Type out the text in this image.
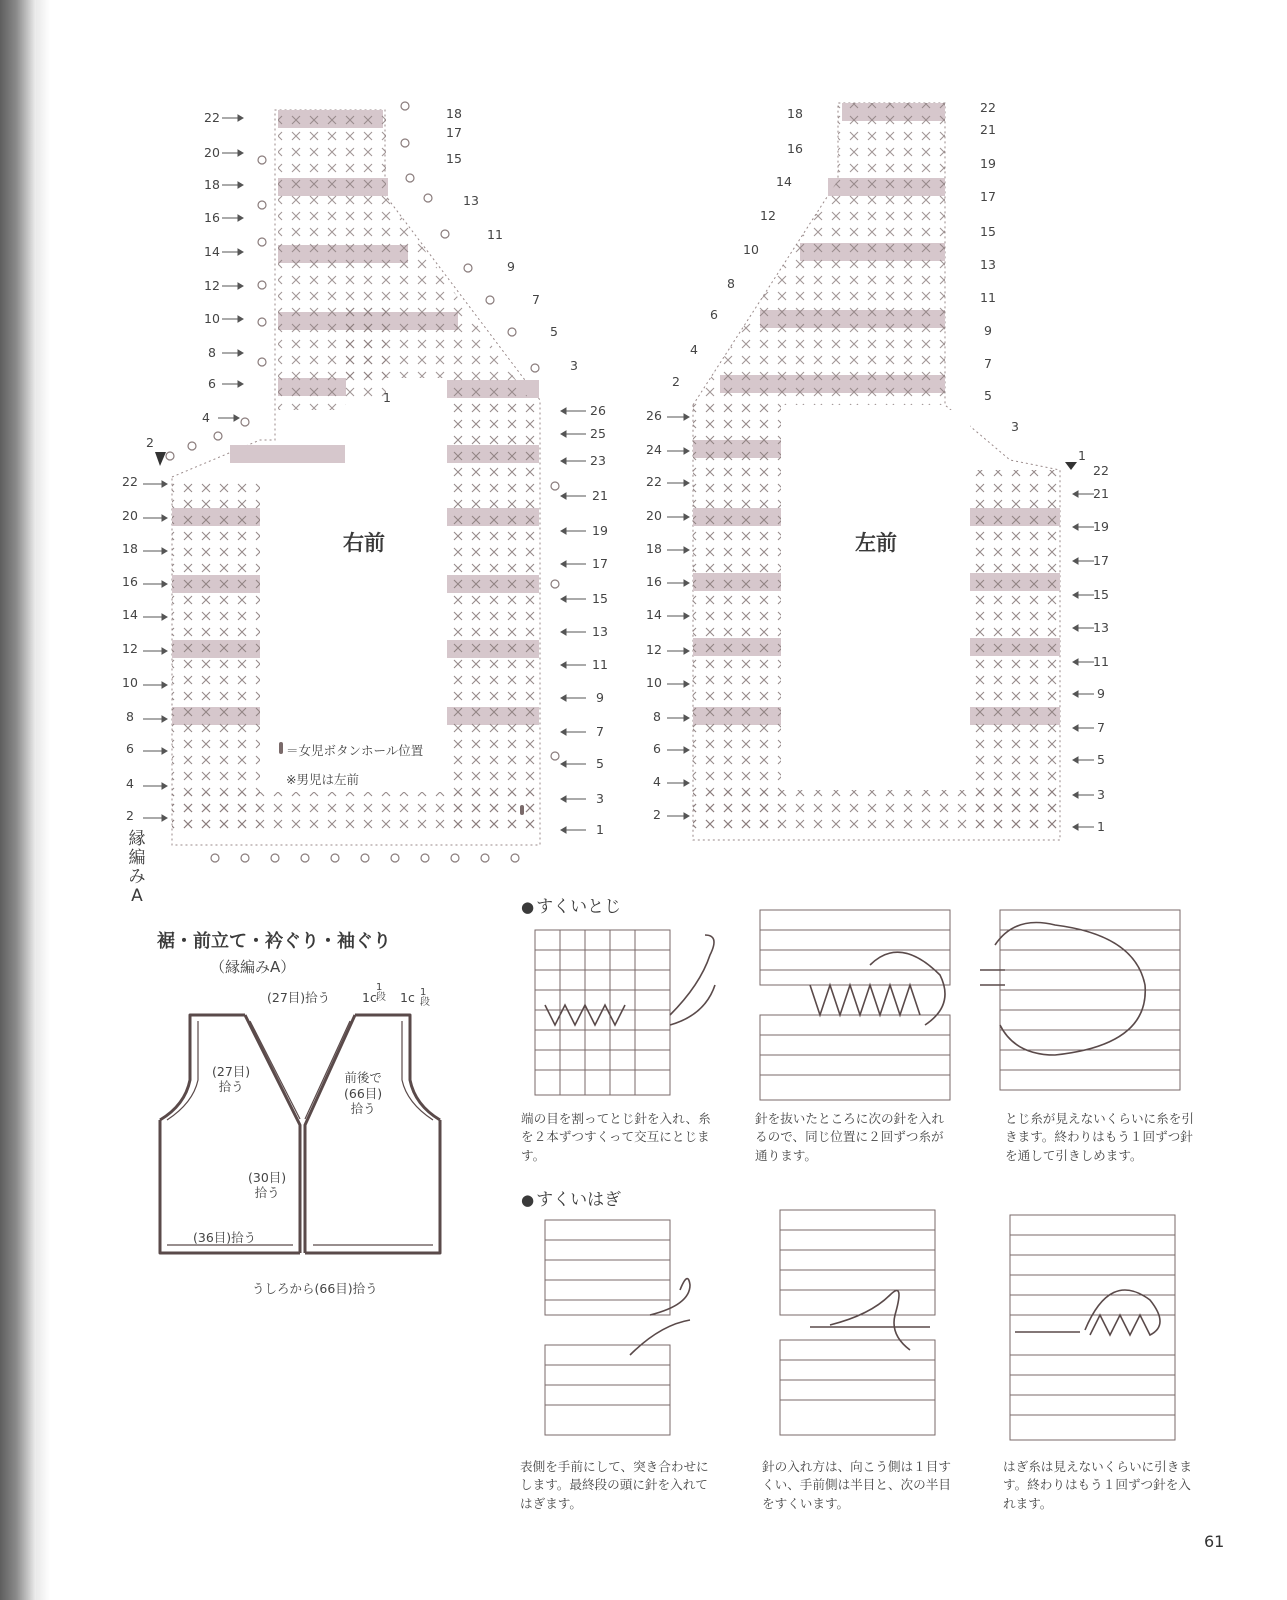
右前
＝女児ボタンホール位置
※男児は左前
縁編みA
22
20
18
16
14
12
10
8
6
4
2
21
19
17
15
13
11
9
7
5
3
1
26
25
23
22
20
18
16
14
12
10
8
6
4
2
1
18
17
15
13
11
9
7
5
3
左前
26
24
22
20
18
16
14
12
10
8
6
4
2
22
21
19
17
15
13
11
9
7
5
3
1
1
18
16
14
12
10
8
6
4
2
22
21
19
17
15
13
11
9
7
5
3
裾・前立て・衿ぐり・袖ぐり
（縁編みA）
(27目)拾う	1c 1c
1段	1段
(27目)
拾う
前後で
(66目)
拾う
(30目)
拾う
(36目)拾う
うしろから(66目)拾う
● すくいとじ
端の目を割ってとじ針を入れ、糸を２本ずつすくって交互にとじます。
針を抜いたところに次の針を入れるので、同じ位置に２回ずつ糸が通ります。
とじ糸が見えないくらいに糸を引きます。終わりはもう１回ずつ針を通して引きしめます。
● すくいはぎ
表側を手前にして、突き合わせにします。最終段の頭に針を入れてはぎます。
針の入れ方は、向こう側は１目すくい、手前側は半目と、次の半目をすくいます。
はぎ糸は見えないくらいに引きます。終わりはもう１回ずつ針を入れます。
61
